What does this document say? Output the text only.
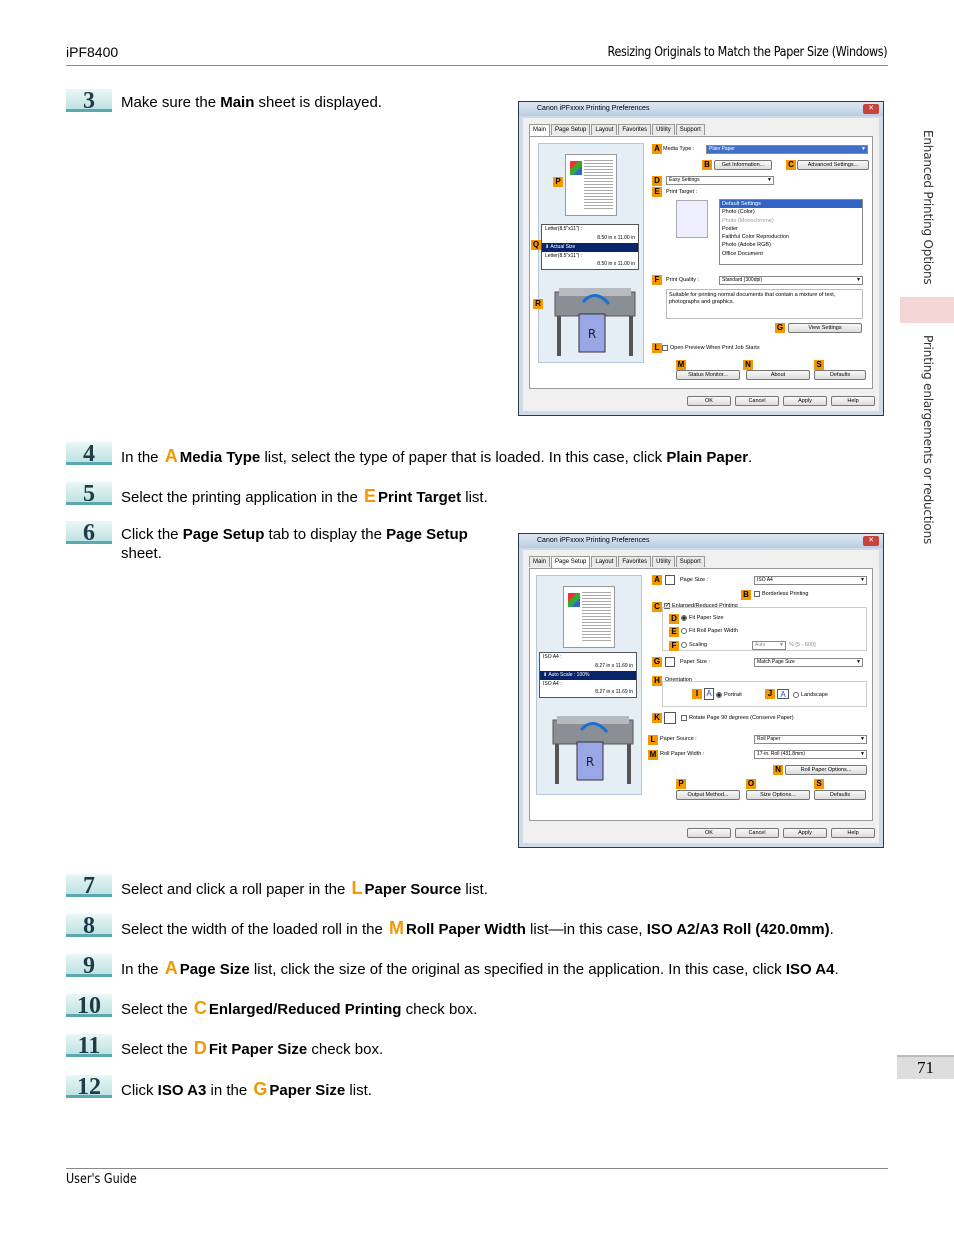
iPF8400	Resizing Originals to Match the Paper Size (Windows)
Enhanced Printing Options
Printing enlargements or reductions
3	Make sure the Main sheet is displayed.	Canon iPFxxxx Printing Preferences	✕
Main	Page Setup	Layout	Favorites	Utility	Support
Letter(8.5"x11") :
8.50 in x 11.00 in
⬇ Actual Size
Letter(8.5"x11") :
8.50 in x 11.00 in
R
P
Q
R
A Media Type :	Plain Paper ▼
B	Get Information...	C	Advanced Settings...
D	Easy Settings ▼
E	Print Target :
Default Settings
Photo (Color)
Photo (Monochrome)
Poster
Faithful Color Reproduction
Photo (Adobe RGB)
Office Document
F	Print Quality :	Standard (300dpi) ▼
Suitable for printing normal documents that contain a mixture of text, photographs and graphics.
G	View Settings
L	Open Preview When Print Job Starts
M	N	S
Status Monitor...	About	Defaults
OK	Cancel	Apply	Help
4	In the A Media Type list, select the type of paper that is loaded. In this case, click Plain Paper.
5	Select the printing application in the E Print Target list.
6	Click the Page Setup tab to display the Page Setup
sheet.
Canon iPFxxxx Printing Preferences	✕
Main	Page Setup	Layout	Favorites	Utility	Support
ISO A4 :
8.27 in x 11.69 in
⬇ Auto Scale : 100%
ISO A4 :
8.27 in x 11.69 in
R
A	Page Size :	ISO A4 ▼
B	Borderless Printing
C ✓ Enlarged/Reduced Printing
D	Fit Paper Size
E	Fit Roll Paper Width
F	Scaling	Auto ▼	% [5 - 600]
G	Paper Size :	Match Page Size ▼
H Orientation
I	A	Portrait	J	A	Landscape
K	Rotate Page 90 degrees (Conserve Paper)
L Paper Source :	Roll Paper ▼
M Roll Paper Width :	17-in. Roll (431.8mm) ▼
N	Roll Paper Options...
P	O	S
Output Method...	Size Options...	Defaults
OK	Cancel	Apply	Help
7	Select and click a roll paper in the L Paper Source list.
8	Select the width of the loaded roll in the M Roll Paper Width list—in this case, ISO A2/A3 Roll (420.0mm).
9	In the A Page Size list, click the size of the original as specified in the application. In this case, click ISO A4.
10	Select the C Enlarged/Reduced Printing check box.
11	Select the D Fit Paper Size check box.
12	Click ISO A3 in the G Paper Size list.
71
User's Guide
